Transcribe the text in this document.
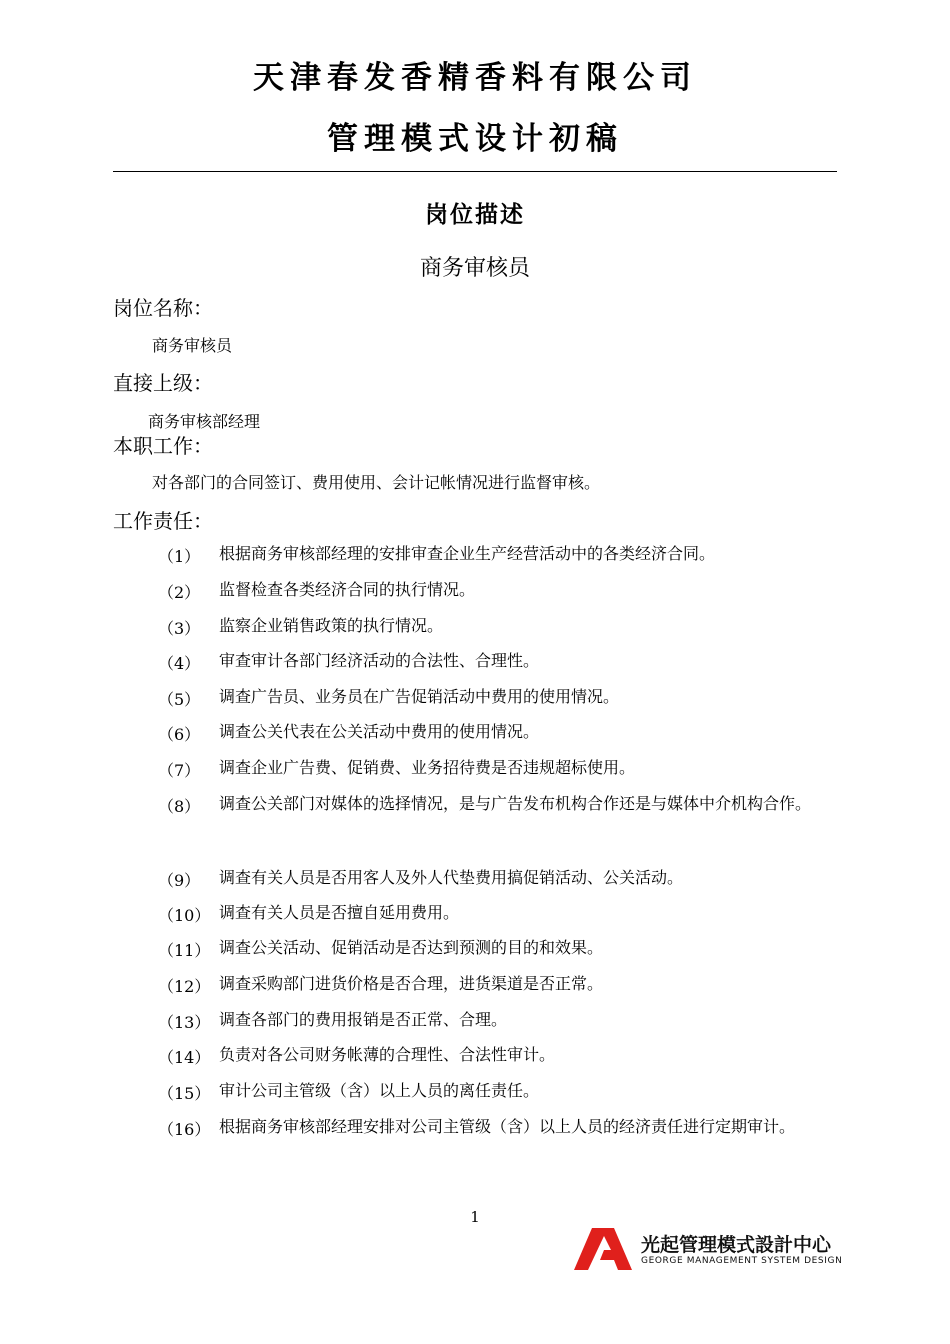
天津春发香精香料有限公司
管理模式设计初稿
岗位描述
商务审核员
岗位名称：
商务审核员
直接上级：
商务审核部经理
本职工作：
对各部门的合同签订、费用使用、会计记帐情况进行监督审核。
工作责任：
（1） 根据商务审核部经理的安排审查企业生产经营活动中的各类经济合同。
（2） 监督检查各类经济合同的执行情况。
（3） 监察企业销售政策的执行情况。
（4） 审查审计各部门经济活动的合法性、合理性。
（5） 调查广告员、业务员在广告促销活动中费用的使用情况。
（6） 调查公关代表在公关活动中费用的使用情况。
（7） 调查企业广告费、促销费、业务招待费是否违规超标使用。
（8） 调查公关部门对媒体的选择情况，是与广告发布机构合作还是与媒体中介机构合作。
（9） 调查有关人员是否用客人及外人代垫费用搞促销活动、公关活动。
（10） 调查有关人员是否擅自延用费用。
（11） 调查公关活动、促销活动是否达到预测的目的和效果。
（12） 调查采购部门进货价格是否合理，进货渠道是否正常。
（13） 调查各部门的费用报销是否正常、合理。
（14） 负责对各公司财务帐薄的合理性、合法性审计。
（15） 审计公司主管级（含）以上人员的离任责任。
（16） 根据商务审核部经理安排对公司主管级（含）以上人员的经济责任进行定期审计。
1
光起管理模式設計中心
GEORGE MANAGEMENT SYSTEM DESIGN
